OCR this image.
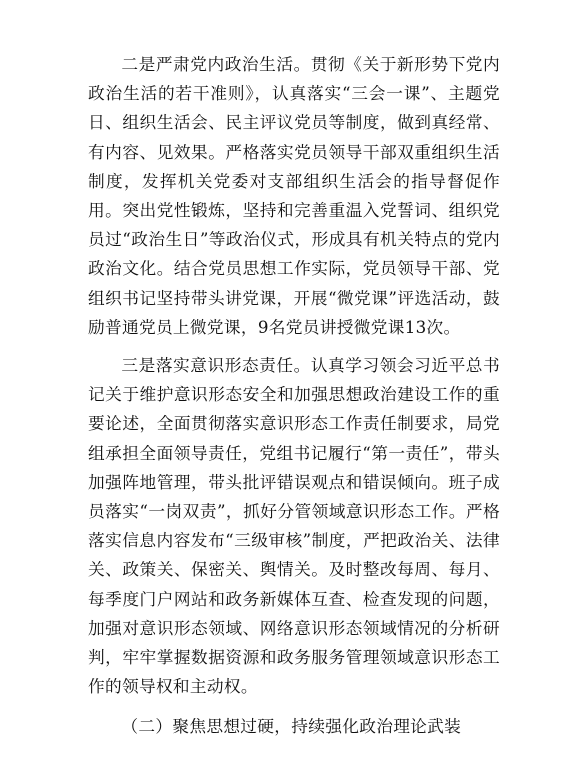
二是严肃党内政治生活。贯彻《关于新形势下党内政治生活的若干准则》，认真落实“三会一课”、主题党日、组织生活会、民主评议党员等制度，做到真经常、有内容、见效果。严格落实党员领导干部双重组织生活制度，发挥机关党委对支部组织生活会的指导督促作用。突出党性锻炼，坚持和完善重温入党誓词、组织党员过“政治生日”等政治仪式，形成具有机关特点的党内政治文化。结合党员思想工作实际，党员领导干部、党组织书记坚持带头讲党课，开展“微党课”评选活动，鼓励普通党员上微党课，9名党员讲授微党课13次。

三是落实意识形态责任。认真学习领会习近平总书记关于维护意识形态安全和加强思想政治建设工作的重要论述，全面贯彻落实意识形态工作责任制要求，局党组承担全面领导责任，党组书记履行“第一责任”，带头加强阵地管理，带头批评错误观点和错误倾向。班子成员落实“一岗双责”，抓好分管领域意识形态工作。严格落实信息内容发布“三级审核”制度，严把政治关、法律关、政策关、保密关、舆情关。及时整改每周、每月、每季度门户网站和政务新媒体互查、检查发现的问题，加强对意识形态领域、网络意识形态领域情况的分析研判，牢牢掌握数据资源和政务服务管理领域意识形态工作的领导权和主动权。

（二）聚焦思想过硬，持续强化政治理论武装
